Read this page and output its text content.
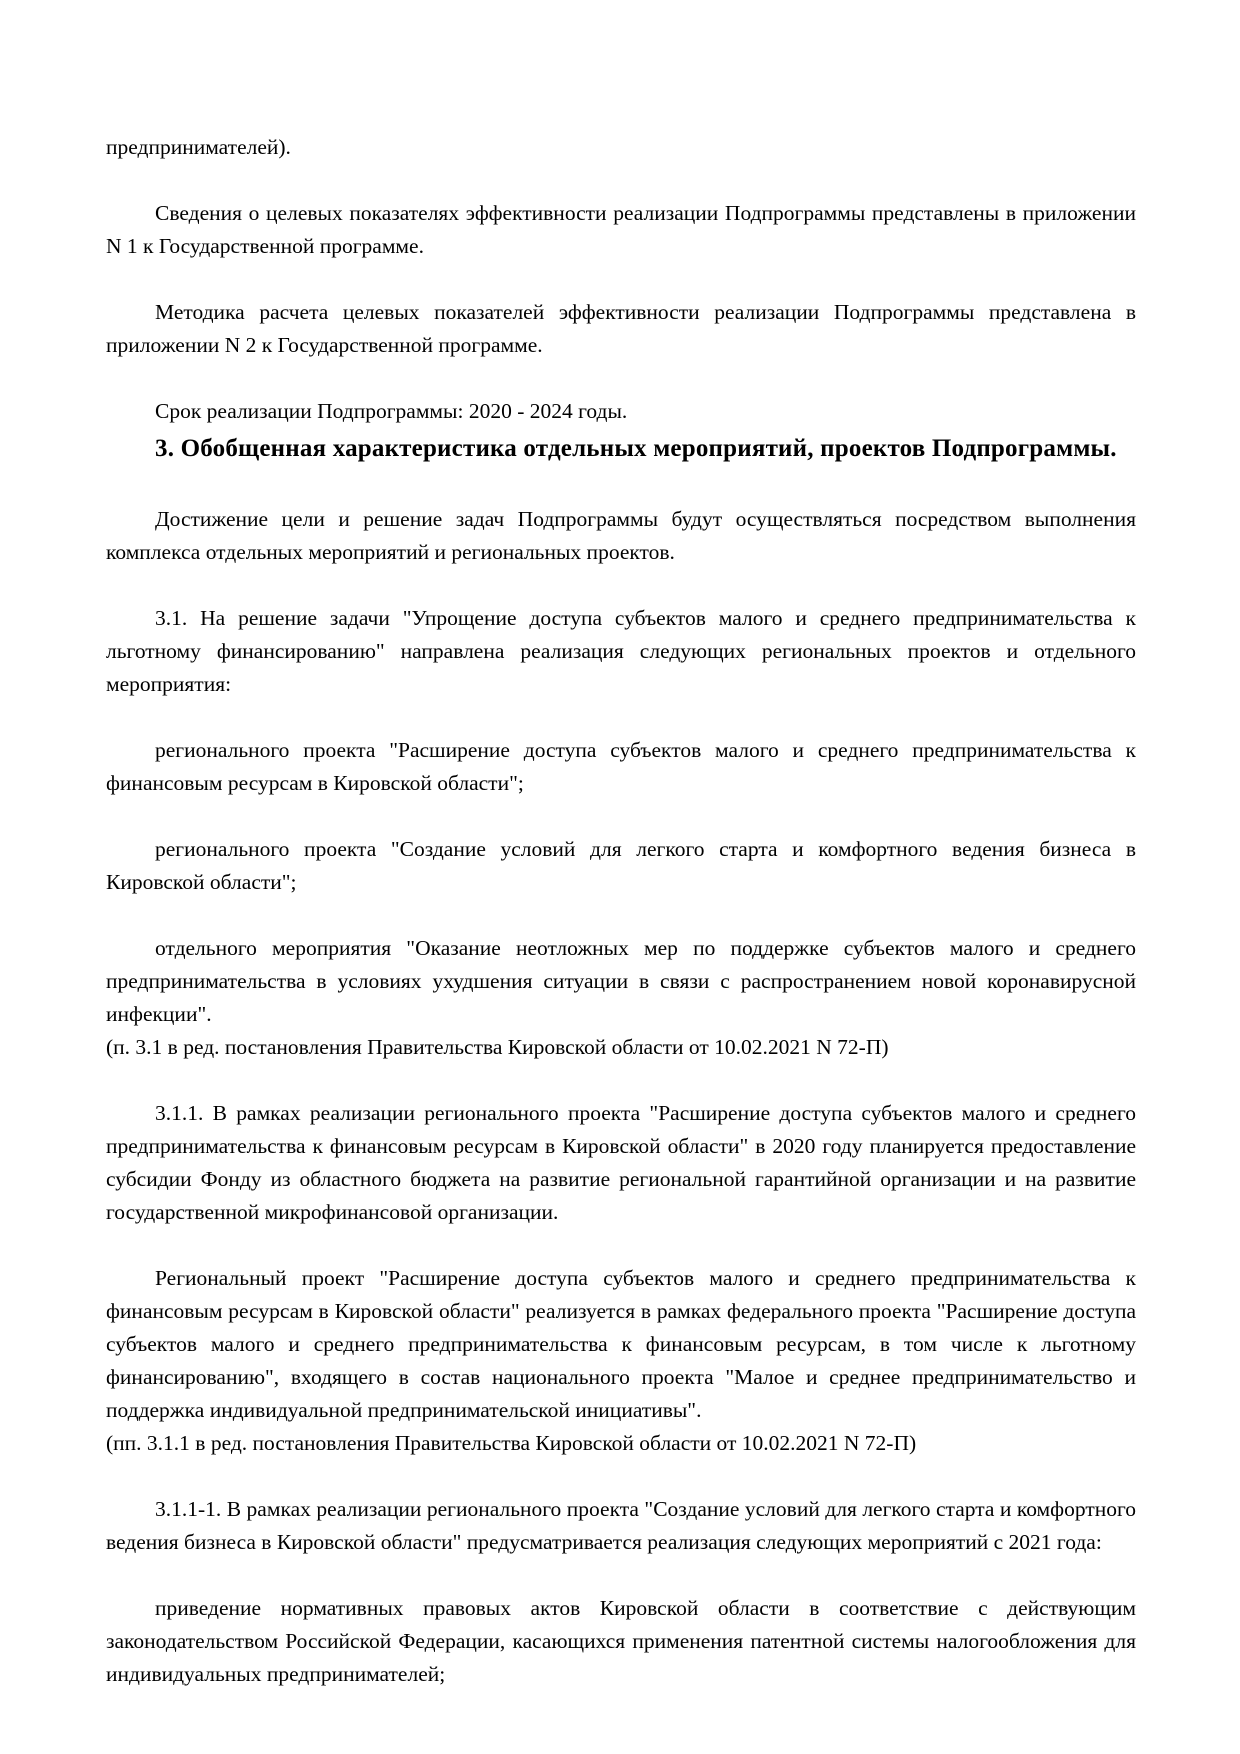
предпринимателей).

Сведения о целевых показателях эффективности реализации Подпрограммы представлены в приложении N 1 к Государственной программе.

Методика расчета целевых показателей эффективности реализации Подпрограммы представлена в приложении N 2 к Государственной программе.

Срок реализации Подпрограммы: 2020 - 2024 годы.

3. Обобщенная характеристика отдельных мероприятий, проектов Подпрограммы.

Достижение цели и решение задач Подпрограммы будут осуществляться посредством выполнения комплекса отдельных мероприятий и региональных проектов.

3.1. На решение задачи "Упрощение доступа субъектов малого и среднего предпринимательства к льготному финансированию" направлена реализация следующих региональных проектов и отдельного мероприятия:

регионального проекта "Расширение доступа субъектов малого и среднего предпринимательства к финансовым ресурсам в Кировской области";

регионального проекта "Создание условий для легкого старта и комфортного ведения бизнеса в Кировской области";

отдельного мероприятия "Оказание неотложных мер по поддержке субъектов малого и среднего предпринимательства в условиях ухудшения ситуации в связи с распространением новой коронавирусной инфекции".

(п. 3.1 в ред. постановления Правительства Кировской области от 10.02.2021 N 72-П)

3.1.1. В рамках реализации регионального проекта "Расширение доступа субъектов малого и среднего предпринимательства к финансовым ресурсам в Кировской области" в 2020 году планируется предоставление субсидии Фонду из областного бюджета на развитие региональной гарантийной организации и на развитие государственной микрофинансовой организации.

Региональный проект "Расширение доступа субъектов малого и среднего предпринимательства к финансовым ресурсам в Кировской области" реализуется в рамках федерального проекта "Расширение доступа субъектов малого и среднего предпринимательства к финансовым ресурсам, в том числе к льготному финансированию", входящего в состав национального проекта "Малое и среднее предпринимательство и поддержка индивидуальной предпринимательской инициативы".

(пп. 3.1.1 в ред. постановления Правительства Кировской области от 10.02.2021 N 72-П)

3.1.1-1. В рамках реализации регионального проекта "Создание условий для легкого старта и комфортного ведения бизнеса в Кировской области" предусматривается реализация следующих мероприятий с 2021 года:

приведение нормативных правовых актов Кировской области в соответствие с действующим законодательством Российской Федерации, касающихся применения патентной системы налогообложения для индивидуальных предпринимателей;
